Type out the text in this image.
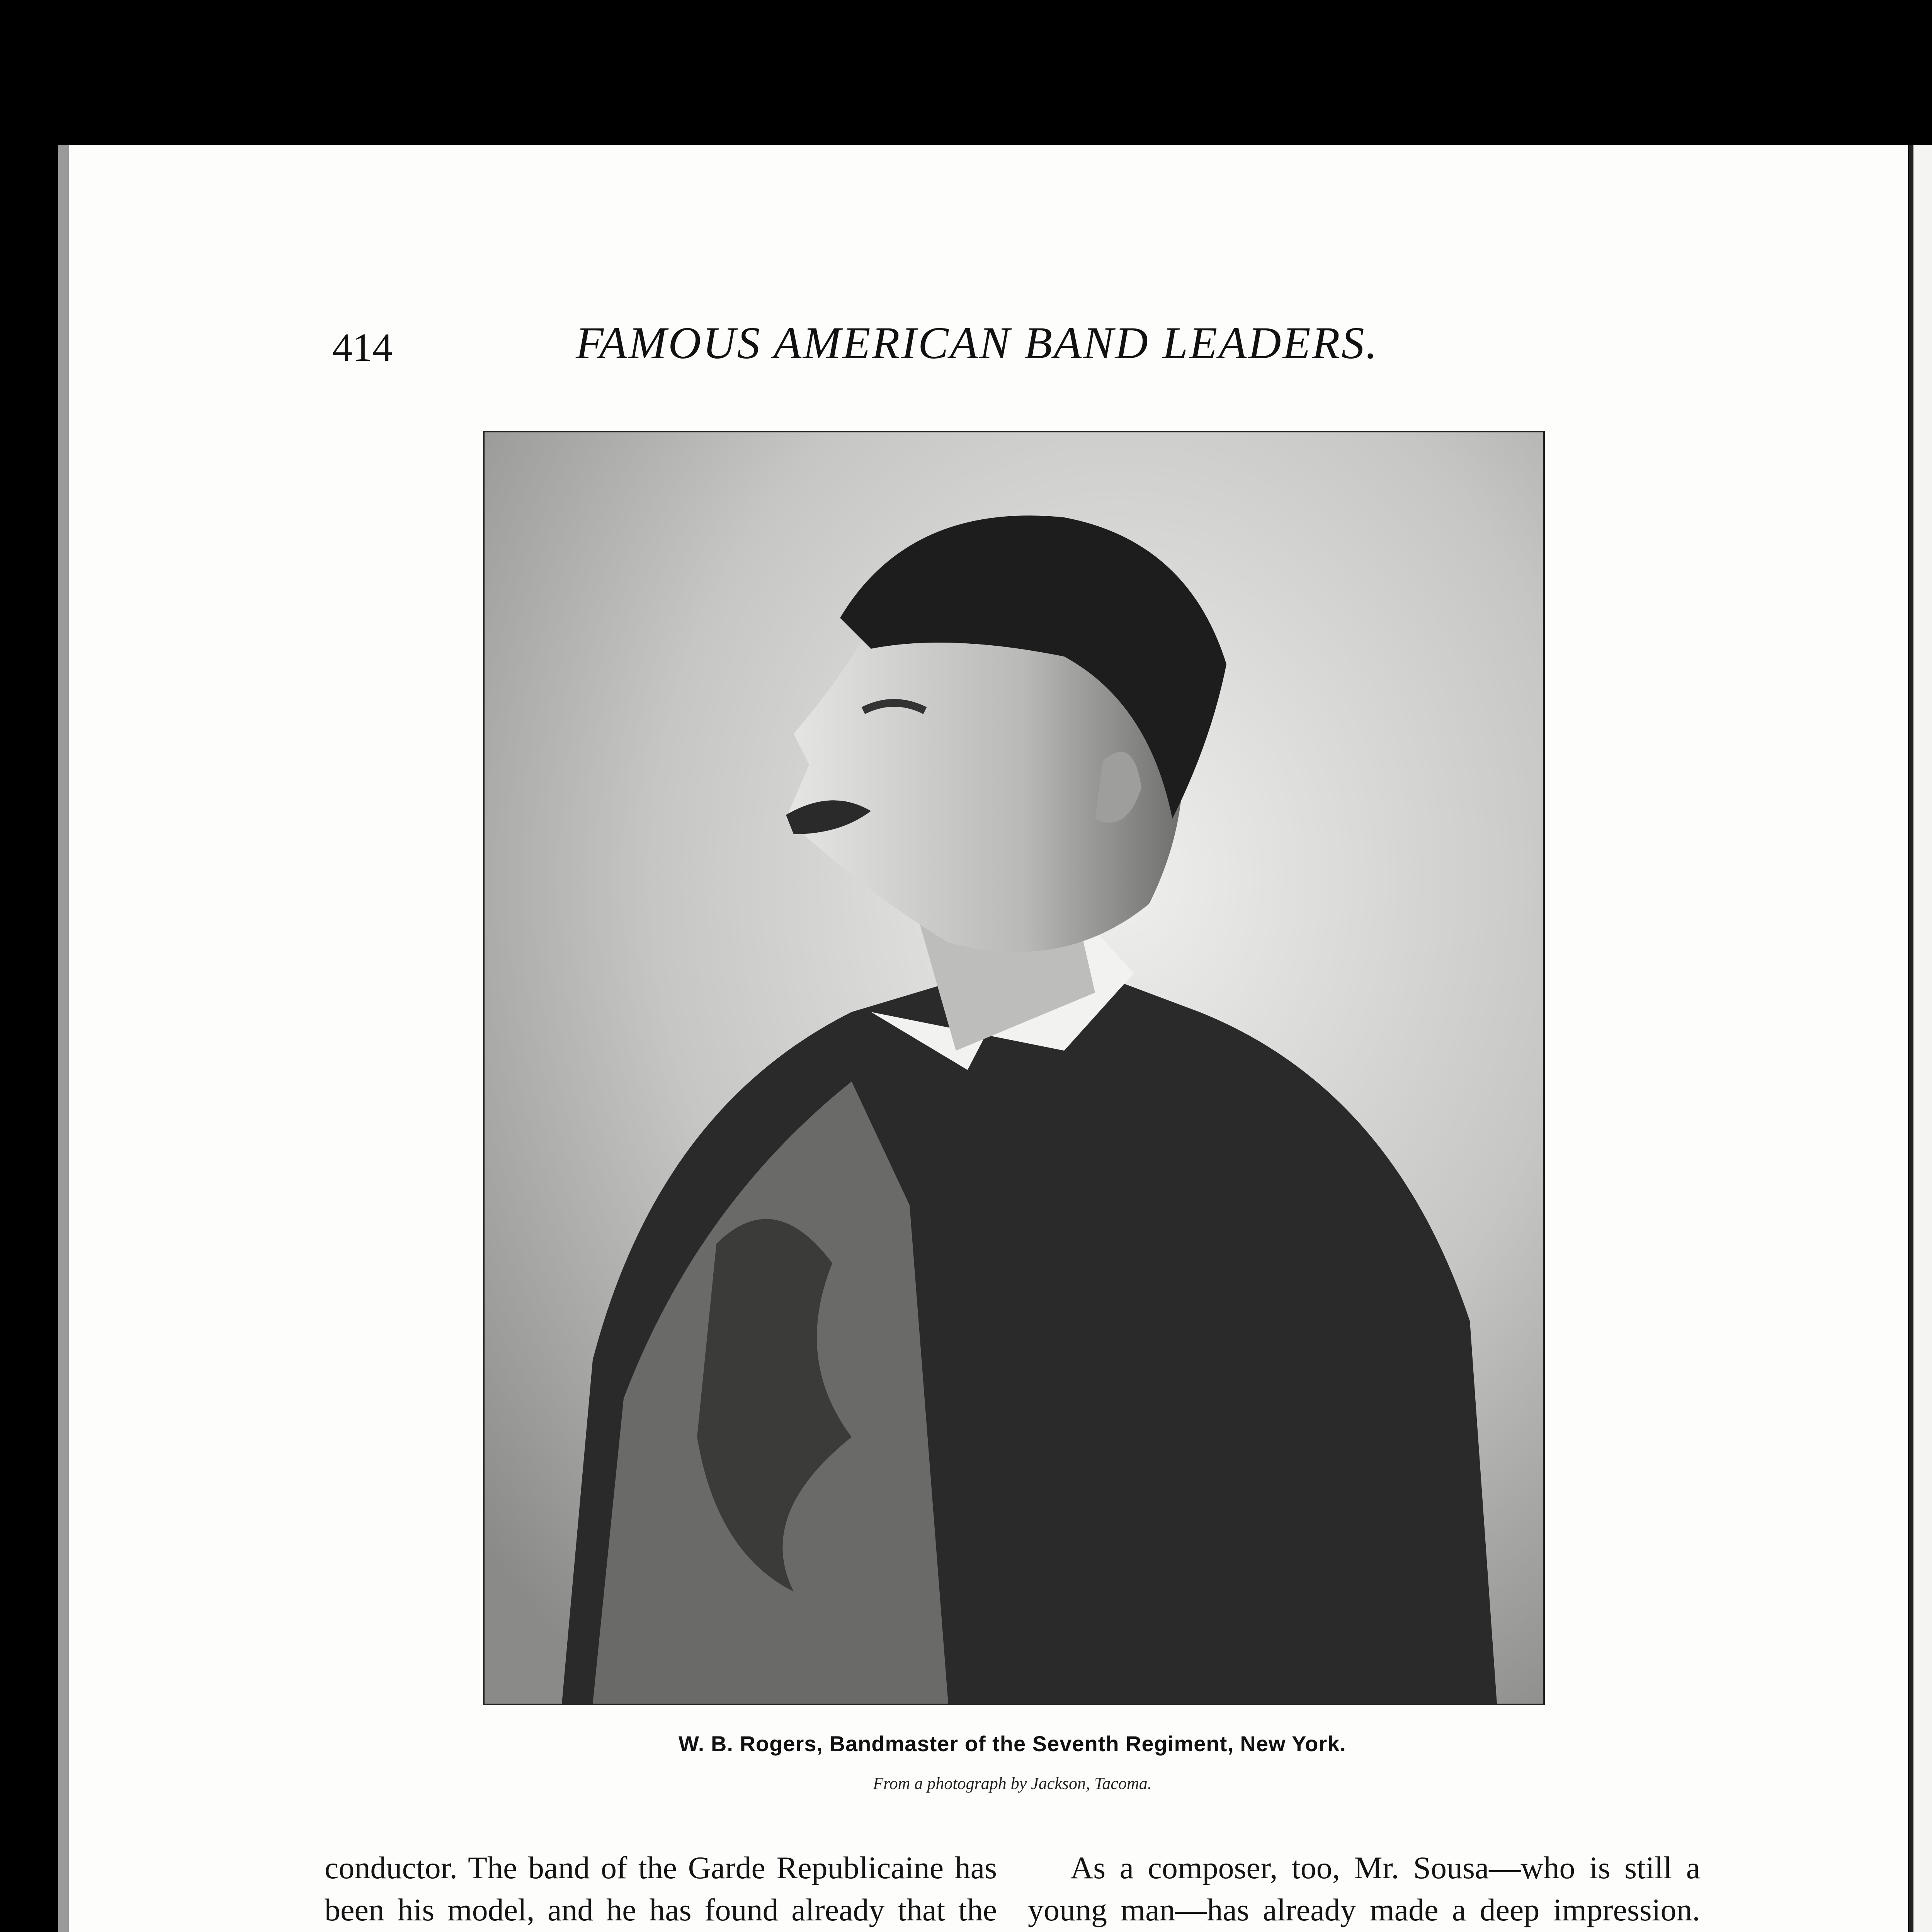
414	FAMOUS AMERICAN BAND LEADERS.
W. B. Rogers, Bandmaster of the Seventh Regiment, New York.
From a photograph by Jackson, Tacoma.

conductor. The band of the Garde Republicaine has been his model, and he has found already that the

As a composer, too, Mr. Sousa—who is still a young man—has already made a deep impression.
